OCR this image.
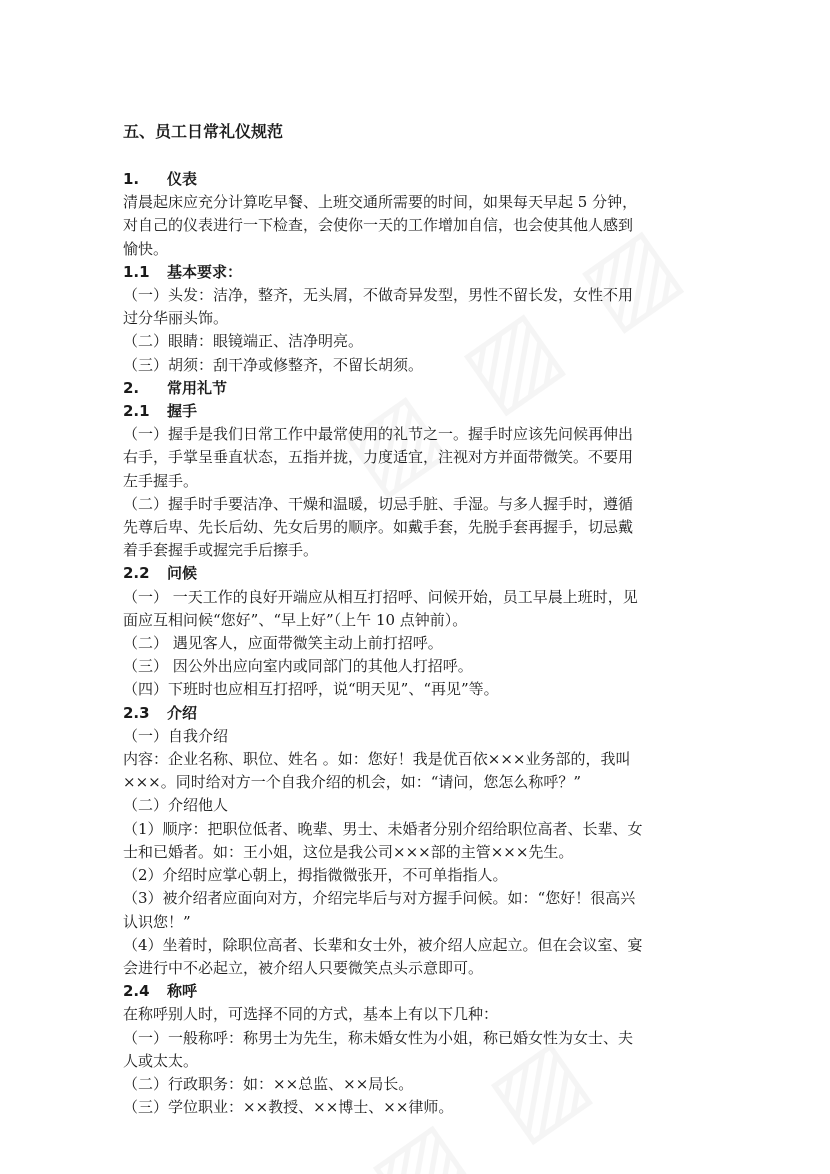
五、员工日常礼仪规范
1. 仪表

清晨起床应充分计算吃早餐、上班交通所需要的时间，如果每天早起 5 分钟，

对自己的仪表进行一下检查，会使你一天的工作增加自信，也会使其他人感到

愉快。

1.1 基本要求：

（一）头发：洁净，整齐，无头屑，不做奇异发型，男性不留长发，女性不用

过分华丽头饰。

（二）眼睛：眼镜端正、洁净明亮。

（三）胡须：刮干净或修整齐，不留长胡须。

2. 常用礼节
2.1 握手

（一）握手是我们日常工作中最常使用的礼节之一。握手时应该先问候再伸出

右手，手掌呈垂直状态，五指并拢，力度适宜，注视对方并面带微笑。不要用

左手握手。

（二）握手时手要洁净、干燥和温暖，切忌手脏、手湿。与多人握手时，遵循

先尊后卑、先长后幼、先女后男的顺序。如戴手套，先脱手套再握手，切忌戴

着手套握手或握完手后擦手。

2.2 问候

（一） 一天工作的良好开端应从相互打招呼、问候开始，员工早晨上班时，见

面应互相问候“您好”、“早上好”（上午 10 点钟前）。

（二） 遇见客人，应面带微笑主动上前打招呼。

（三） 因公外出应向室内或同部门的其他人打招呼。

（四）下班时也应相互打招呼，说“明天见”、“再见”等。

2.3 介绍

（一）自我介绍

内容：企业名称、职位、姓名 。如：您好！我是优百依×××业务部的，我叫

×××。同时给对方一个自我介绍的机会，如：“请问，您怎么称呼？”

（二）介绍他人

（1）顺序：把职位低者、晚辈、男士、未婚者分别介绍给职位高者、长辈、女

士和已婚者。如：王小姐，这位是我公司×××部的主管×××先生。

（2）介绍时应掌心朝上，拇指微微张开，不可单指指人。

（3）被介绍者应面向对方，介绍完毕后与对方握手问候。如：“您好！很高兴

认识您！”

（4）坐着时，除职位高者、长辈和女士外，被介绍人应起立。但在会议室、宴

会进行中不必起立，被介绍人只要微笑点头示意即可。

2.4 称呼

在称呼别人时，可选择不同的方式，基本上有以下几种：

（一）一般称呼：称男士为先生，称未婚女性为小姐，称已婚女性为女士、夫

人或太太。

（二）行政职务：如：××总监、××局长。

（三）学位职业：××教授、××博士、××律师。
